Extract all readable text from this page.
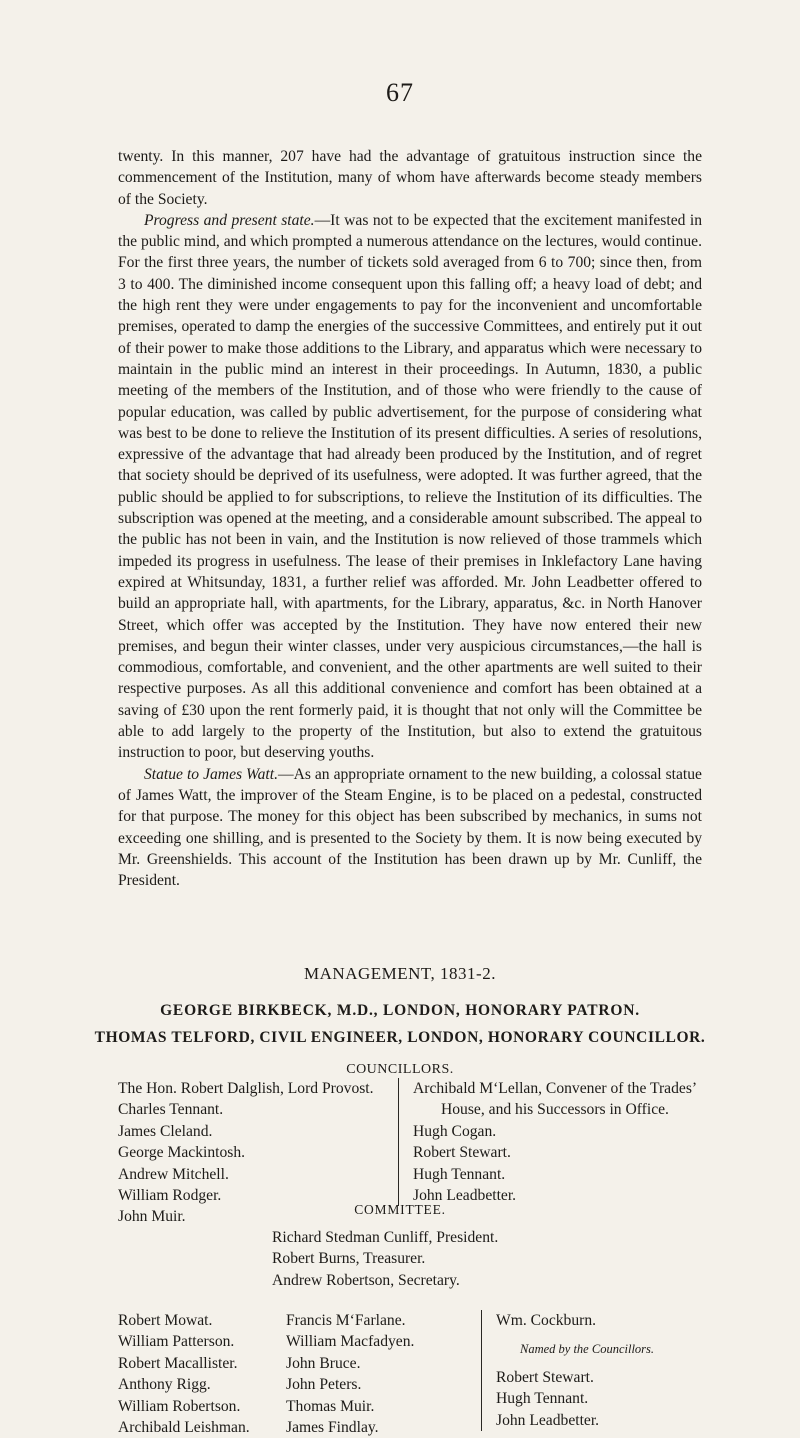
67

twenty. In this manner, 207 have had the advantage of gratuitous instruction since the commencement of the Institution, many of whom have afterwards become steady members of the Society.

Progress and present state.—It was not to be expected that the excitement manifested in the public mind, and which prompted a numerous attendance on the lectures, would continue. For the first three years, the number of tickets sold averaged from 6 to 700; since then, from 3 to 400. The diminished income consequent upon this falling off; a heavy load of debt; and the high rent they were under engagements to pay for the inconvenient and uncomfortable premises, operated to damp the energies of the successive Committees, and entirely put it out of their power to make those additions to the Library, and apparatus which were necessary to maintain in the public mind an interest in their proceedings. In Autumn, 1830, a public meeting of the members of the Institution, and of those who were friendly to the cause of popular education, was called by public advertisement, for the purpose of considering what was best to be done to relieve the Institution of its present difficulties. A series of resolutions, expressive of the advantage that had already been produced by the Institution, and of regret that society should be deprived of its usefulness, were adopted. It was further agreed, that the public should be applied to for subscriptions, to relieve the Institution of its difficulties. The subscription was opened at the meeting, and a considerable amount subscribed. The appeal to the public has not been in vain, and the Institution is now relieved of those trammels which impeded its progress in usefulness. The lease of their premises in Inklefactory Lane having expired at Whitsunday, 1831, a further relief was afforded. Mr. John Leadbetter offered to build an appropriate hall, with apartments, for the Library, apparatus, &c. in North Hanover Street, which offer was accepted by the Institution. They have now entered their new premises, and begun their winter classes, under very auspicious circumstances,—the hall is commodious, comfortable, and convenient, and the other apartments are well suited to their respective purposes. As all this additional convenience and comfort has been obtained at a saving of £30 upon the rent formerly paid, it is thought that not only will the Committee be able to add largely to the property of the Institution, but also to extend the gratuitous instruction to poor, but deserving youths.

Statue to James Watt.—As an appropriate ornament to the new building, a colossal statue of James Watt, the improver of the Steam Engine, is to be placed on a pedestal, constructed for that purpose. The money for this object has been subscribed by mechanics, in sums not exceeding one shilling, and is presented to the Society by them. It is now being executed by Mr. Greenshields. This account of the Institution has been drawn up by Mr. Cunliff, the President.

MANAGEMENT, 1831-2.
GEORGE BIRKBECK, M.D., LONDON, HONORARY PATRON.
THOMAS TELFORD, CIVIL ENGINEER, LONDON, HONORARY COUNCILLOR.
COUNCILLORS.
The Hon. Robert Dalglish, Lord Provost.
Charles Tennant.
James Cleland.
George Mackintosh.
Andrew Mitchell.
William Rodger.
John Muir.
Archibald M‘Lellan, Convener of the Trades’
House, and his Successors in Office.
Hugh Cogan.
Robert Stewart.
Hugh Tennant.
John Leadbetter.
COMMITTEE.
Richard Stedman Cunliff, President.
Robert Burns, Treasurer.
Andrew Robertson, Secretary.
Robert Mowat.
William Patterson.
Robert Macallister.
Anthony Rigg.
William Robertson.
Archibald Leishman.
Francis M‘Farlane.
William Macfadyen.
John Bruce.
John Peters.
Thomas Muir.
James Findlay.
Wm. Cockburn.
Named by the Councillors.
Robert Stewart.
Hugh Tennant.
John Leadbetter.
